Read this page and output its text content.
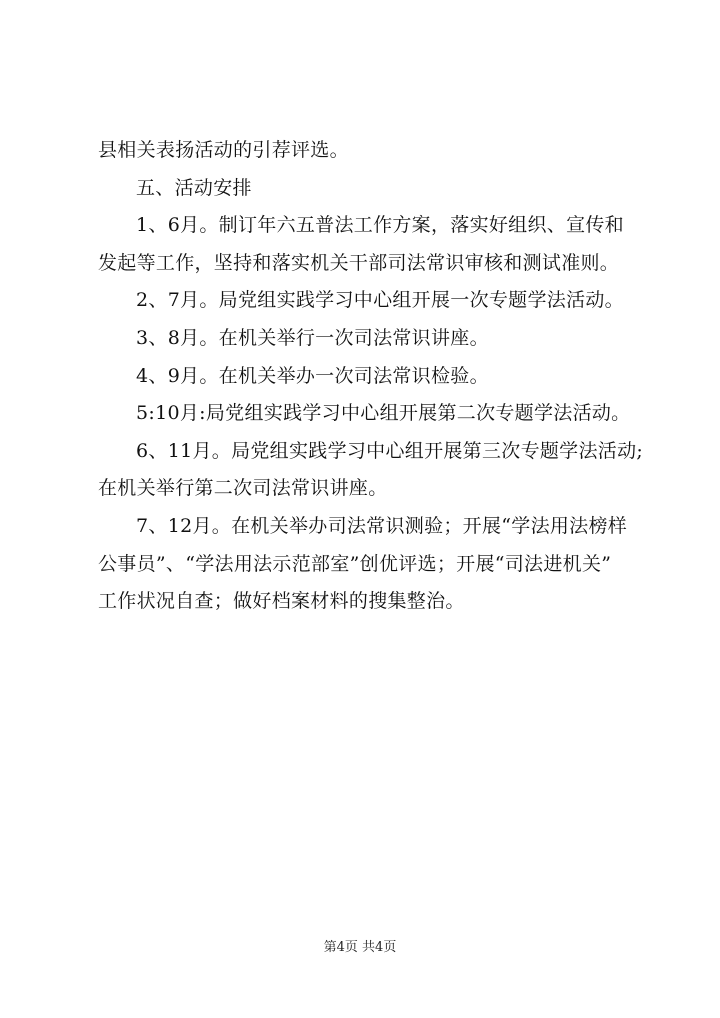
县相关表扬活动的引荐评选。
五、活动安排
1、6月。制订年六五普法工作方案，落实好组织、宣传和
发起等工作，坚持和落实机关干部司法常识审核和测试准则。
2、7月。局党组实践学习中心组开展一次专题学法活动。
3、8月。在机关举行一次司法常识讲座。
4、9月。在机关举办一次司法常识检验。
5:10月:局党组实践学习中心组开展第二次专题学法活动。
6、11月。局党组实践学习中心组开展第三次专题学法活动;
在机关举行第二次司法常识讲座。
7、12月。在机关举办司法常识测验；开展“学法用法榜样
公事员”、“学法用法示范部室”创优评选；开展“司法进机关”
工作状况自查；做好档案材料的搜集整治。
第4页 共4页
